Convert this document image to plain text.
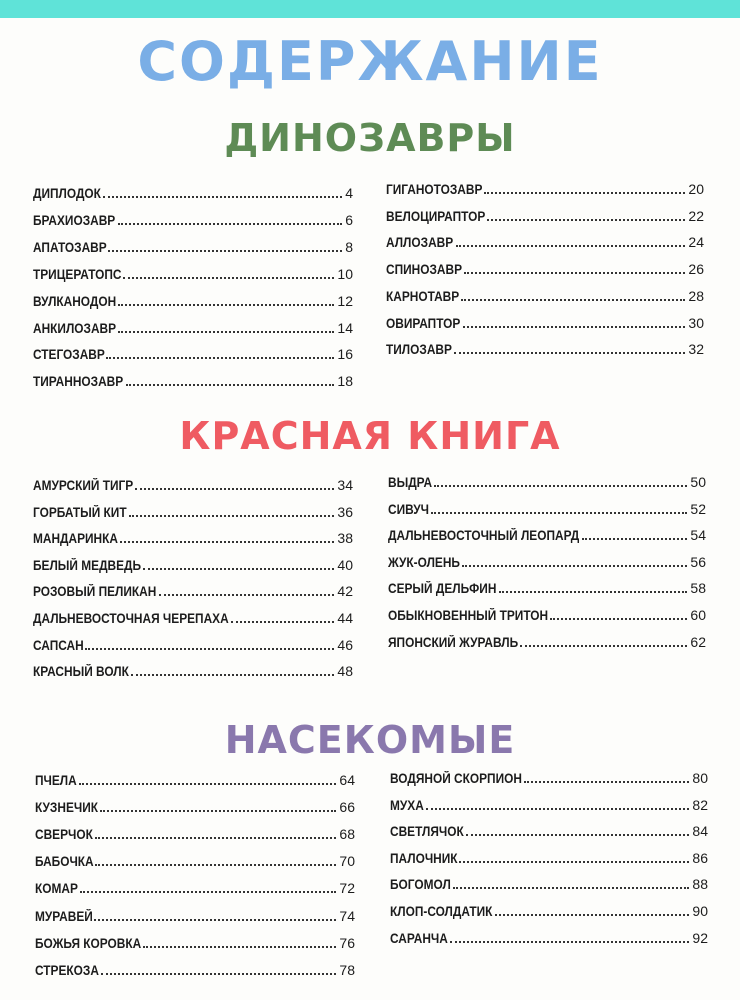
СОДЕРЖАНИЕ
ДИНОЗАВРЫ
ДИПЛОДОК	4
БРАХИОЗАВР	6
АПАТОЗАВР	8
ТРИЦЕРАТОПС	10
ВУЛКАНОДОН	12
АНКИЛОЗАВР	14
СТЕГОЗАВР	16
ТИРАННОЗАВР	18
ГИГАНОТОЗАВР	20
ВЕЛОЦИРАПТОР	22
АЛЛОЗАВР	24
СПИНОЗАВР	26
КАРНОТАВР	28
ОВИРАПТОР	30
ТИЛОЗАВР	32
КРАСНАЯ КНИГА
АМУРСКИЙ ТИГР	34
ГОРБАТЫЙ КИТ	36
МАНДАРИНКА	38
БЕЛЫЙ МЕДВЕДЬ	40
РОЗОВЫЙ ПЕЛИКАН	42
ДАЛЬНЕВОСТОЧНАЯ ЧЕРЕПАХА	44
САПСАН	46
КРАСНЫЙ ВОЛК	48
ВЫДРА	50
СИВУЧ	52
ДАЛЬНЕВОСТОЧНЫЙ ЛЕОПАРД	54
ЖУК-ОЛЕНЬ	56
СЕРЫЙ ДЕЛЬФИН	58
ОБЫКНОВЕННЫЙ ТРИТОН	60
ЯПОНСКИЙ ЖУРАВЛЬ	62
НАСЕКОМЫЕ
ПЧЕЛА	64
КУЗНЕЧИК	66
СВЕРЧОК	68
БАБОЧКА	70
КОМАР	72
МУРАВЕЙ	74
БОЖЬЯ КОРОВКА	76
СТРЕКОЗА	78
ВОДЯНОЙ СКОРПИОН	80
МУХА	82
СВЕТЛЯЧОК	84
ПАЛОЧНИК	86
БОГОМОЛ	88
КЛОП-СОЛДАТИК	90
САРАНЧА	92
